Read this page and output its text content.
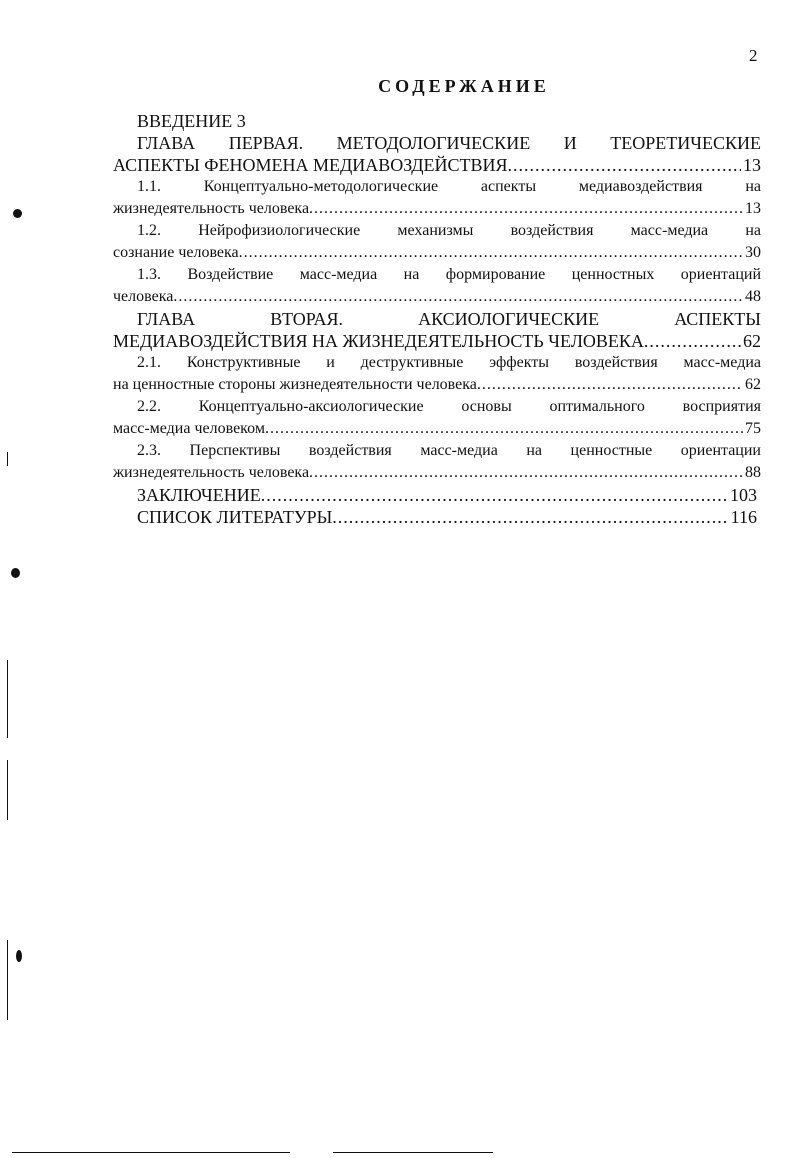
2
СОДЕРЖАНИЕ
ВВЕДЕНИЕ 3
ГЛАВА ПЕРВАЯ. МЕТОДОЛОГИЧЕСКИЕ И ТЕОРЕТИЧЕСКИЕ
АСПЕКТЫ ФЕНОМЕНА МЕДИАВОЗДЕЙСТВИЯ .....	13
1.1. Концептуально-методологические аспекты медиавоздействия на
жизнедеятельность человека .....	13
1.2. Нейрофизиологические механизмы воздействия масс-медиа на
сознание человека .....	30
1.3. Воздействие масс-медиа на формирование ценностных ориентаций
человека .....	48
ГЛАВА ВТОРАЯ. АКСИОЛОГИЧЕСКИЕ АСПЕКТЫ
МЕДИАВОЗДЕЙСТВИЯ НА ЖИЗНЕДЕЯТЕЛЬНОСТЬ ЧЕЛОВЕКА .....	62
2.1. Конструктивные и деструктивные эффекты воздействия масс-медиа
на ценностные стороны жизнедеятельности человека .....	62
2.2. Концептуально-аксиологические основы оптимального восприятия
масс-медиа человеком .....	75
2.3. Перспективы воздействия масс-медиа на ценностные ориентации
жизнедеятельность человека .....	88
ЗАКЛЮЧЕНИЕ .....	103
СПИСОК ЛИТЕРАТУРЫ .....	116
